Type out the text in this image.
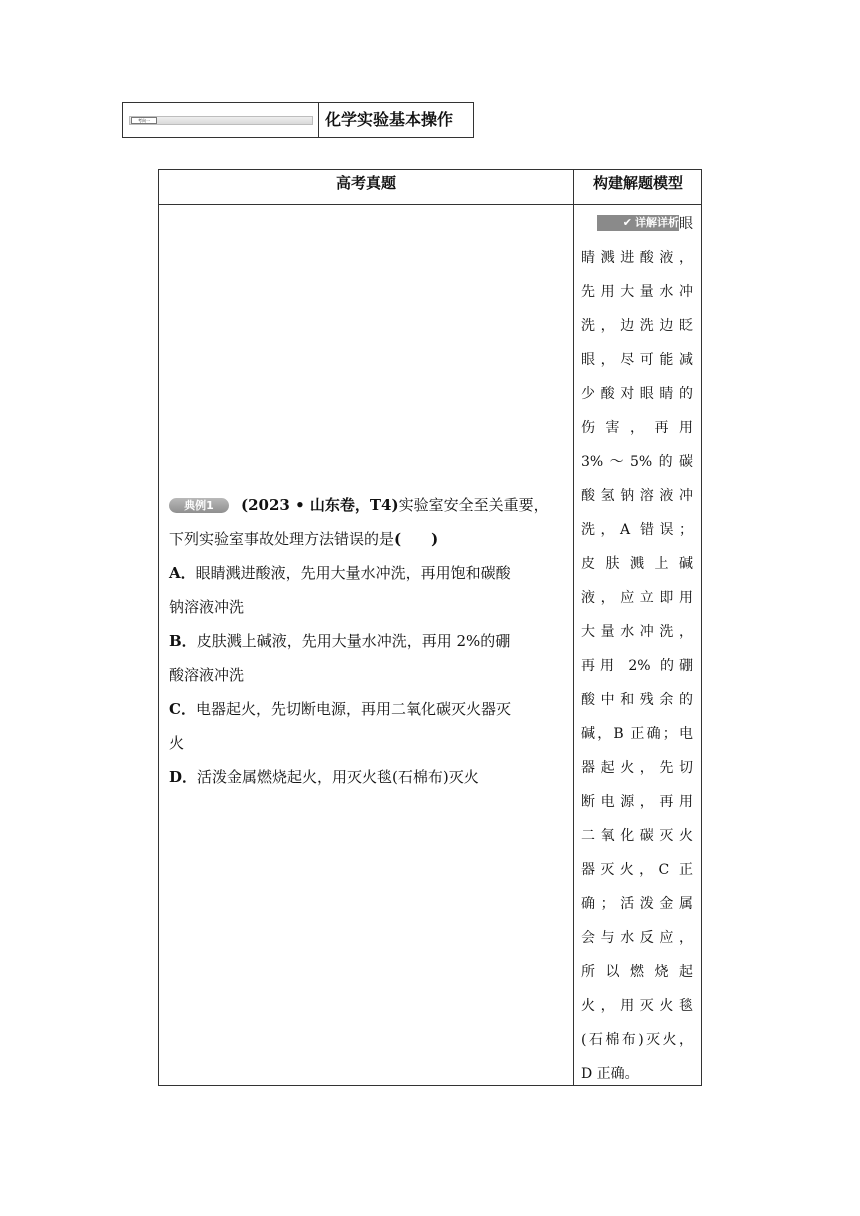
考向一	化学实验基本操作
高考真题	构建解题模型
典例1 (2023 • 山东卷，T4)实验室安全至关重要，
下列实验室事故处理方法错误的是(　　)
A．眼睛溅进酸液，先用大量水冲洗，再用饱和碳酸
钠溶液冲洗
B．皮肤溅上碱液，先用大量水冲洗，再用 2%的硼
酸溶液冲洗
C．电器起火，先切断电源，再用二氧化碳灭火器灭
火
D．活泼金属燃烧起火，用灭火毯(石棉布)灭火
✔ 详解详析 眼
睛溅进酸液，
先用大量水冲
洗，边洗边眨
眼，尽可能减
少酸对眼睛的
伤害，再用
3%～5%的碳
酸氢钠溶液冲
洗，A 错误；
皮肤溅上碱
液，应立即用
大量水冲洗，
再用 2% 的硼
酸中和残余的
碱，B 正确；电
器起火，先切
断电源，再用
二氧化碳灭火
器灭火，C 正
确；活泼金属
会与水反应，
所以燃烧起
火，用灭火毯
(石棉布)灭火，
D 正确。
